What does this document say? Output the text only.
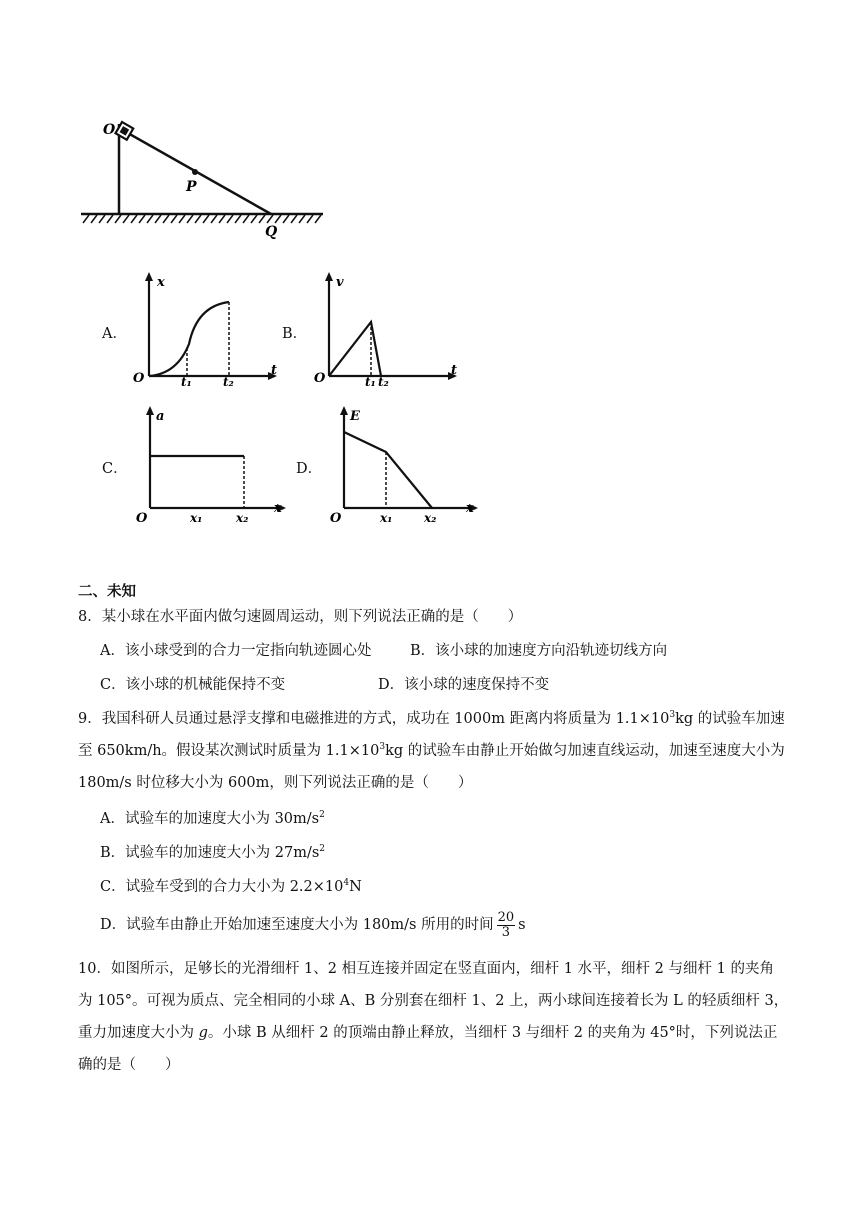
O
P
Q
A．
x
t
O	t₁	t₂
B．
v
t
O	t₁ t₂
C．
a
x
O	x₁	x₂
D．
E
x
O	x₁	x₂
二、未知
8．某小球在水平面内做匀速圆周运动，则下列说法正确的是（　　）
A．该小球受到的合力一定指向轨迹圆心处	B．该小球的加速度方向沿轨迹切线方向
C．该小球的机械能保持不变	D．该小球的速度保持不变
9．我国科研人员通过悬浮支撑和电磁推进的方式，成功在 1000m 距离内将质量为 $1.1\times 10^3kg$ 的试验车加速
至 650km/h。假设某次测试时质量为 $1.1\times 10^3kg$ 的试验车由静止开始做匀加速直线运动，加速至速度大小为
180m/s 时位移大小为 600m，则下列说法正确的是（　　）
A．试验车的加速度大小为 $30m/s^2$
B．试验车的加速度大小为 $27m/s^2$
C．试验车受到的合力大小为 $2.2\times 10^4N$
D．试验车由静止开始加速至速度大小为 180m/s 所用的时间 $\frac{20}{3}$ s
10．如图所示，足够长的光滑细杆 1、2 相互连接并固定在竖直面内，细杆 1 水平，细杆 2 与细杆 1 的夹角
为 105°。可视为质点、完全相同的小球 A、B 分别套在细杆 1、2 上，两小球间连接着长为 L 的轻质细杆 3，
重力加速度大小为 g。小球 B 从细杆 2 的顶端由静止释放，当细杆 3 与细杆 2 的夹角为 45°时，下列说法正
确的是（　　）
